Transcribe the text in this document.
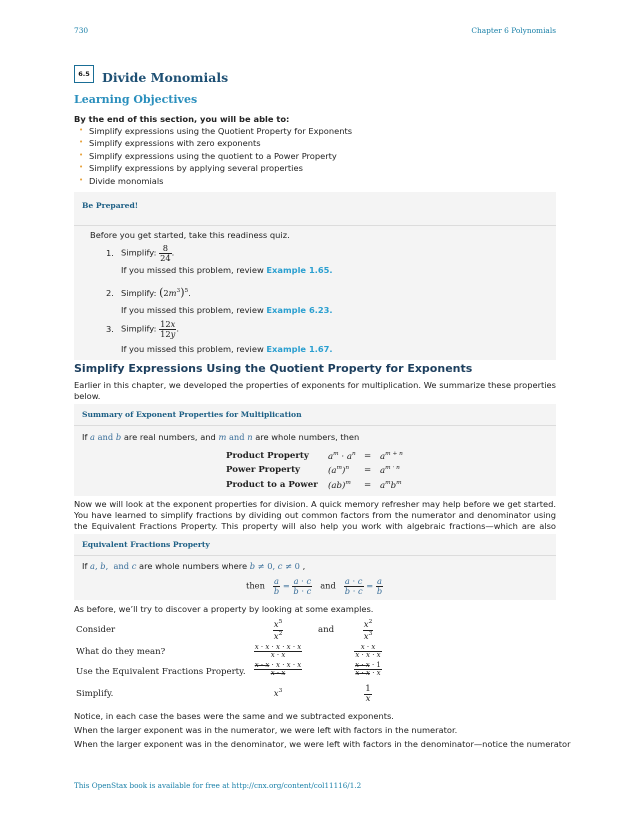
730	Chapter 6 Polynomials
6.5 Divide Monomials
Learning Objectives
By the end of this section, you will be able to:
• Simplify expressions using the Quotient Property for Exponents
• Simplify expressions with zero exponents
• Simplify expressions using the quotient to a Power Property
• Simplify expressions by applying several properties
• Divide monomials
Be Prepared!
Before you get started, take this readiness quiz.
1. Simplify: $\frac{8}{24}$ .
If you missed this problem, review Example 1.65.
2. Simplify: $(2m^3)^5$.
If you missed this problem, review Example 6.23.
3. Simplify: $\frac{12x}{12y}$ .
If you missed this problem, review Example 1.67.
Simplify Expressions Using the Quotient Property for Exponents
Earlier in this chapter, we developed the properties of exponents for multiplication. We summarize these properties below.
Summary of Exponent Properties for Multiplication
If a and b are real numbers, and m and n are whole numbers, then
Product Property $a^m \cdot a^n = a^{m + n}$
Power Property	$(a^m)^n = a^{m \cdot n}$
Product to a Power $(ab)^m = a^mb^m$
Now we will look at the exponent properties for division. A quick memory refresher may help before we get started. You have learned to simplify fractions by dividing out common factors from the numerator and denominator using the Equivalent Fractions Property. This property will also help you work with algebraic fractions—which are also
Equivalent Fractions Property
If a, b,  and c are whole numbers where b ≠ 0, c ≠ 0 ,
then $\frac{a}{b} = \frac{a \cdot c}{b \cdot c}$ and $\frac{a \cdot c}{b \cdot c} = \frac{a}{b}$
As before, we’ll try to discover a property by looking at some examples.
Consider	$\frac{x^5}{x^2}$	and	$\frac{x^2}{x^3}$
What do they mean?	$\frac{x \cdot x \cdot x \cdot x \cdot x}{x \cdot x}$	$\frac{x \cdot x}{x \cdot x \cdot x}$
Use the Equivalent Fractions Property. $\frac{x \cdot x \cdot x \cdot x \cdot x}{x \cdot x}$	$\frac{x \cdot x \cdot 1}{x \cdot x \cdot x}$
Simplify.	$x^3$	$\frac{1}{x}$
Notice, in each case the bases were the same and we subtracted exponents.
When the larger exponent was in the numerator, we were left with factors in the numerator.
When the larger exponent was in the denominator, we were left with factors in the denominator—notice the numerator
This OpenStax book is available for free at http://cnx.org/content/col11116/1.2
